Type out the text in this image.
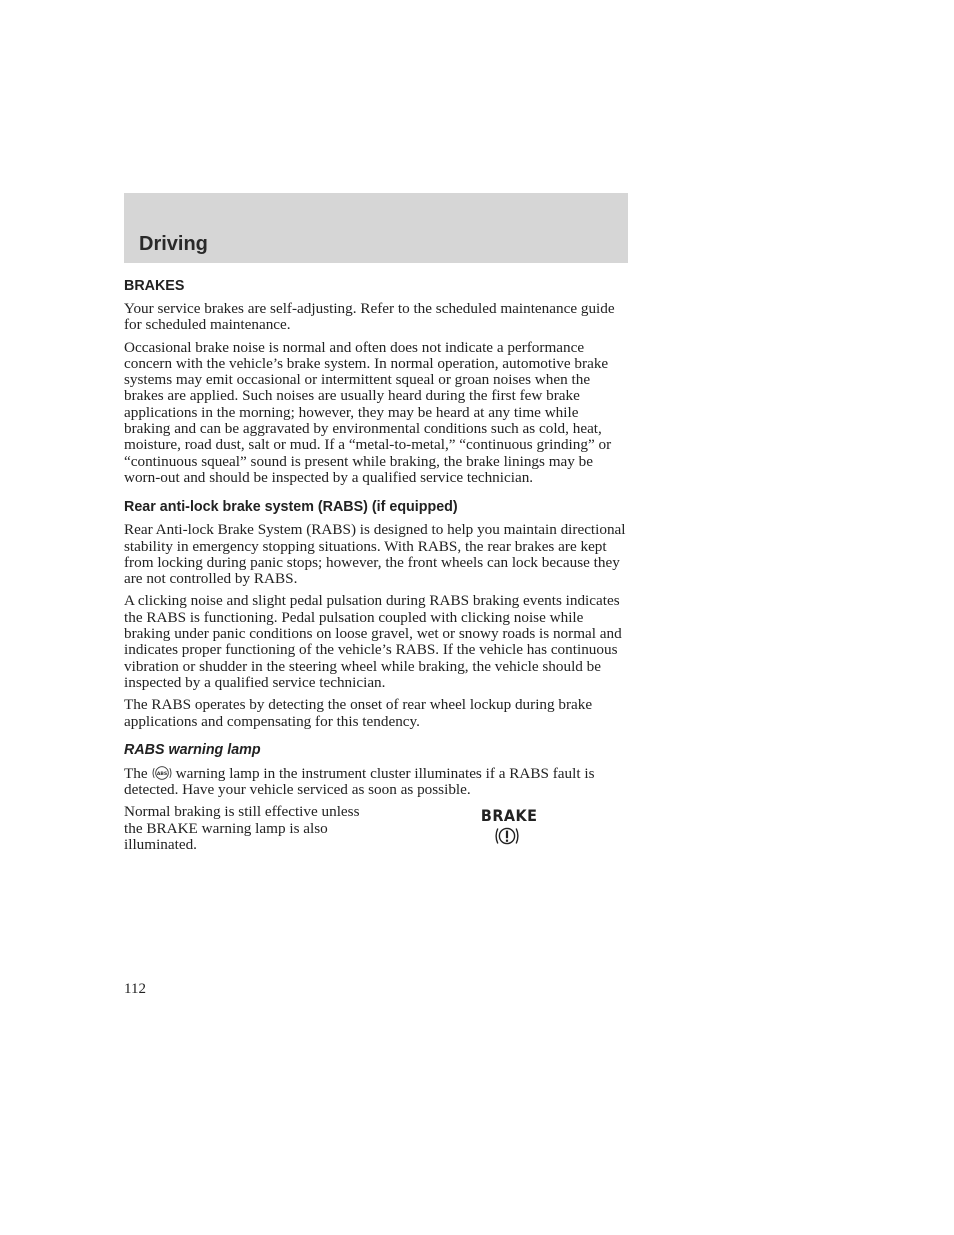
Driving
BRAKES

Your service brakes are self-adjusting. Refer to the scheduled maintenance guide for scheduled maintenance.

Occasional brake noise is normal and often does not indicate a performance concern with the vehicle’s brake system. In normal operation, automotive brake systems may emit occasional or intermittent squeal or groan noises when the brakes are applied. Such noises are usually heard during the first few brake applications in the morning; however, they may be heard at any time while braking and can be aggravated by environmental conditions such as cold, heat, moisture, road dust, salt or mud. If a “metal-to-metal,” “continuous grinding” or “continuous squeal” sound is present while braking, the brake linings may be worn-out and should be inspected by a qualified service technician.

Rear anti-lock brake system (RABS) (if equipped)

Rear Anti-lock Brake System (RABS) is designed to help you maintain directional stability in emergency stopping situations. With RABS, the rear brakes are kept from locking during panic stops; however, the front wheels can lock because they are not controlled by RABS.

A clicking noise and slight pedal pulsation during RABS braking events indicates the RABS is functioning. Pedal pulsation coupled with clicking noise while braking under panic conditions on loose gravel, wet or snowy roads is normal and indicates proper functioning of the vehicle’s RABS. If the vehicle has continuous vibration or shudder in the steering wheel while braking, the vehicle should be inspected by a qualified service technician.

The RABS operates by detecting the onset of rear wheel lockup during brake applications and compensating for this tendency.

RABS warning lamp

The ABS warning lamp in the instrument cluster illuminates if a RABS fault is detected. Have your vehicle serviced as soon as possible.

Normal braking is still effective unless the BRAKE warning lamp is also illuminated.

BRAKE

112
